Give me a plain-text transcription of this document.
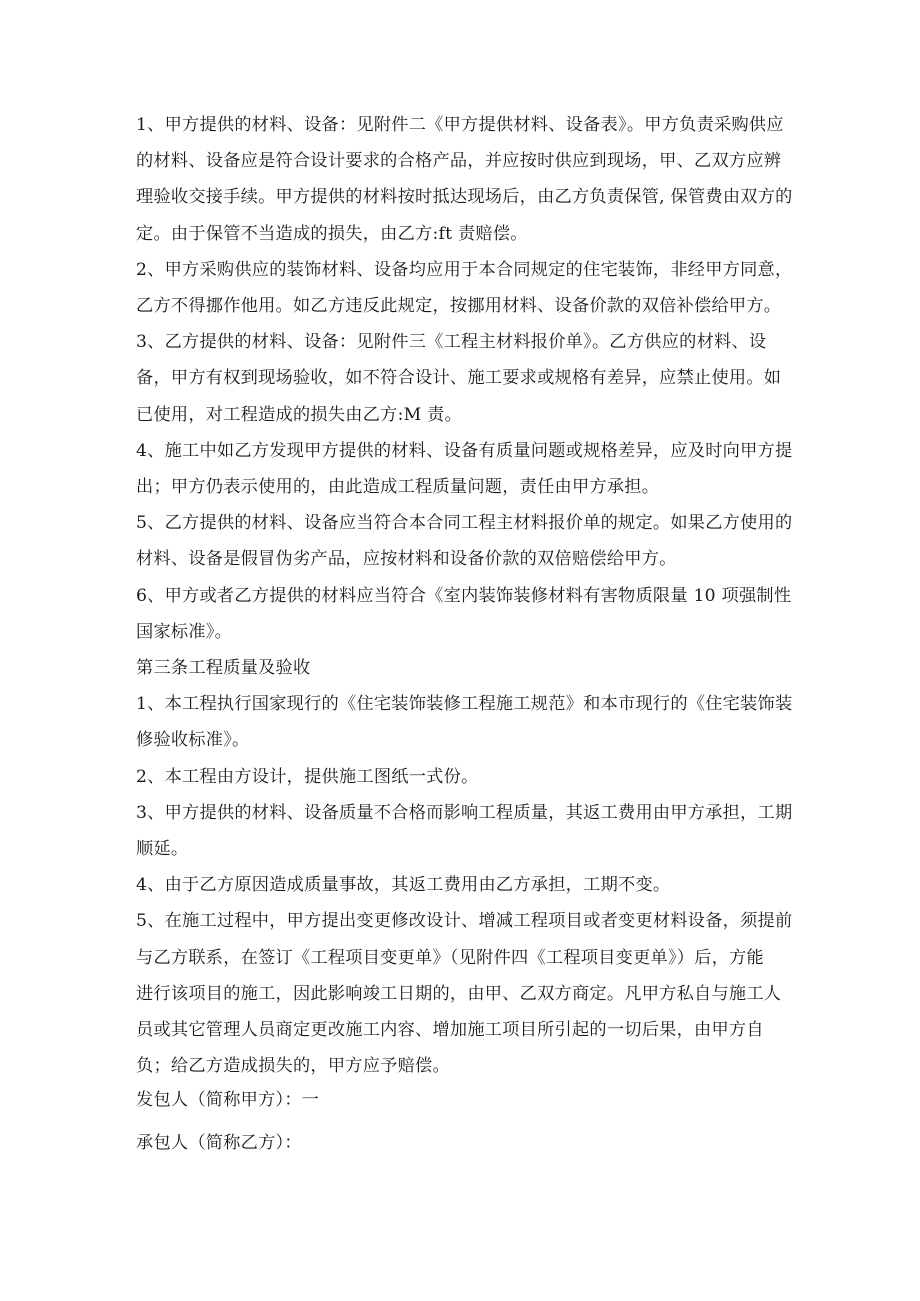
1、甲方提供的材料、设备：见附件二《甲方提供材料、设备表》。甲方负责采购供应
的材料、设备应是符合设计要求的合格产品，并应按时供应到现场，甲、乙双方应辨
理验收交接手续。甲方提供的材料按时抵达现场后，由乙方负责保管, 保管费由双方的
定。由于保管不当造成的损失，由乙方:ft 责赔偿。

2、甲方采购供应的装饰材料、设备均应用于本合同规定的住宅装饰，非经甲方同意，
乙方不得挪作他用。如乙方违反此规定，按挪用材料、设备价款的双倍补偿给甲方。

3、乙方提供的材料、设备：见附件三《工程主材料报价单》。乙方供应的材料、设
备，甲方有权到现场验收，如不符合设计、施工要求或规格有差异，应禁止使用。如
已使用，对工程造成的损失由乙方:M 责。

4、施工中如乙方发现甲方提供的材料、设备有质量问题或规格差异，应及时向甲方提
出；甲方仍表示使用的，由此造成工程质量问题，责任由甲方承担。

5、乙方提供的材料、设备应当符合本合同工程主材料报价单的规定。如果乙方使用的
材料、设备是假冒伪劣产品，应按材料和设备价款的双倍赔偿给甲方。

6、甲方或者乙方提供的材料应当符合《室内装饰装修材料有害物质限量 10 项强制性
国家标准》。

第三条工程质量及验收

1、本工程执行国家现行的《住宅装饰装修工程施工规范》和本市现行的《住宅装饰装
修验收标准》。

2、本工程由方设计，提供施工图纸一式份。

3、甲方提供的材料、设备质量不合格而影响工程质量，其返工费用由甲方承担，工期
顺延。

4、由于乙方原因造成质量事故，其返工费用由乙方承担，工期不变。

5、在施工过程中，甲方提出变更修改设计、增减工程项目或者变更材料设备，须提前
与乙方联系，在签订《工程项目变更单》（见附件四《工程项目变更单》）后，方能
进行该项目的施工，因此影响竣工日期的，由甲、乙双方商定。凡甲方私自与施工人
员或其它管理人员商定更改施工内容、增加施工项目所引起的一切后果，由甲方自
负；给乙方造成损失的，甲方应予赔偿。

发包人（简称甲方）：一

承包人（简称乙方）：
